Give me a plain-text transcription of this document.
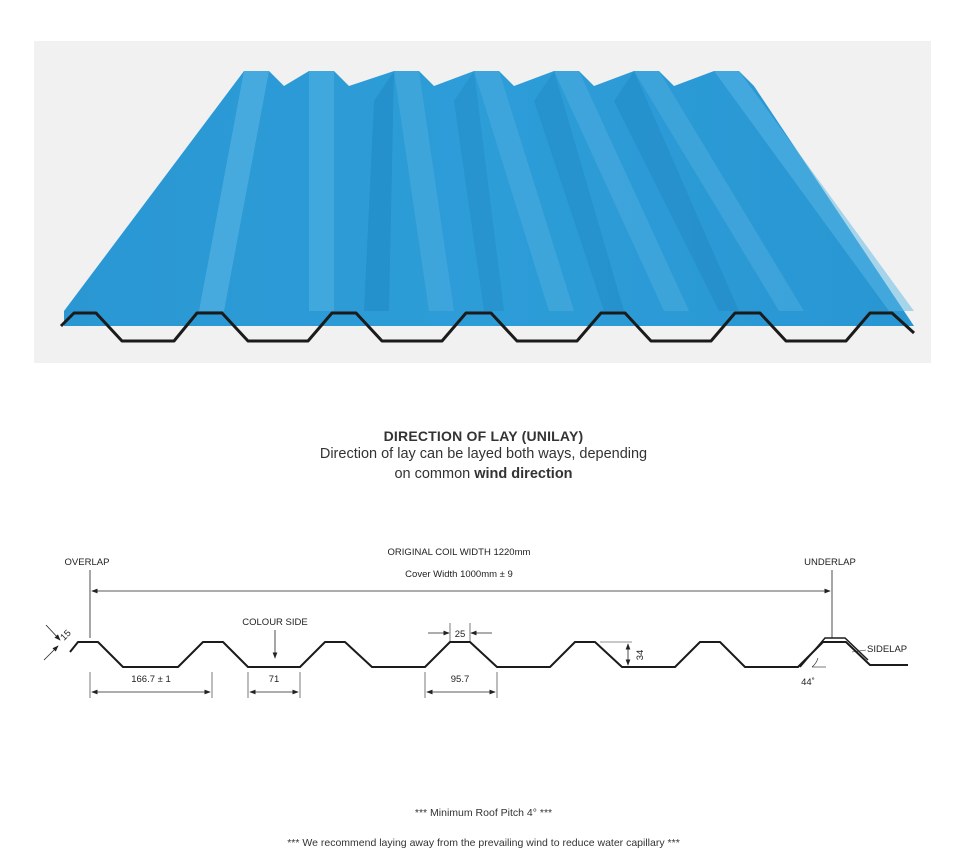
DIRECTION OF LAY (UNILAY)
Direction of lay can be layed both ways, depending
on common wind direction
ORIGINAL COIL WIDTH 1220mm
Cover Width 1000mm ± 9
OVERLAP	UNDERLAP
15
COLOUR SIDE
25
34	SIDELAP
44˚
166.7 ± 1	71	95.7
*** Minimum Roof Pitch 4° ***
*** We recommend laying away from the prevailing wind to reduce water capillary ***
